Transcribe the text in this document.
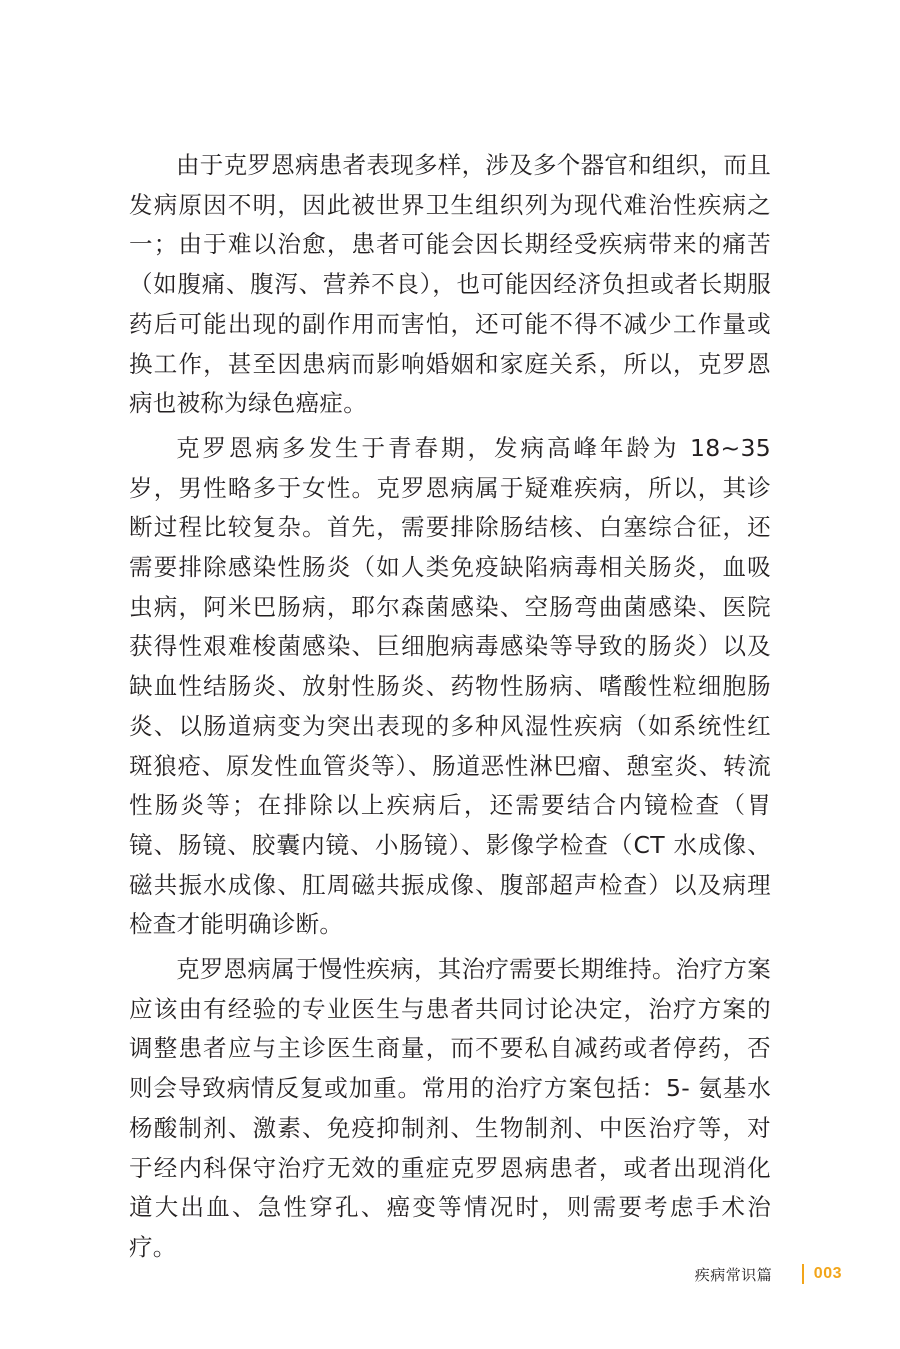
由于克罗恩病患者表现多样，涉及多个器官和组织，而且发病原因不明，因此被世界卫生组织列为现代难治性疾病之一；由于难以治愈，患者可能会因长期经受疾病带来的痛苦（如腹痛、腹泻、营养不良），也可能因经济负担或者长期服药后可能出现的副作用而害怕，还可能不得不减少工作量或换工作，甚至因患病而影响婚姻和家庭关系，所以，克罗恩病也被称为绿色癌症。

克罗恩病多发生于青春期，发病高峰年龄为 18~35 岁，男性略多于女性。克罗恩病属于疑难疾病，所以，其诊断过程比较复杂。首先，需要排除肠结核、白塞综合征，还需要排除感染性肠炎（如人类免疫缺陷病毒相关肠炎，血吸虫病，阿米巴肠病，耶尔森菌感染、空肠弯曲菌感染、医院获得性艰难梭菌感染、巨细胞病毒感染等导致的肠炎）以及缺血性结肠炎、放射性肠炎、药物性肠病、嗜酸性粒细胞肠炎、以肠道病变为突出表现的多种风湿性疾病（如系统性红斑狼疮、原发性血管炎等）、肠道恶性淋巴瘤、憩室炎、转流性肠炎等；在排除以上疾病后，还需要结合内镜检查（胃镜、肠镜、胶囊内镜、小肠镜）、影像学检查（CT 水成像、磁共振水成像、肛周磁共振成像、腹部超声检查）以及病理检查才能明确诊断。

克罗恩病属于慢性疾病，其治疗需要长期维持。治疗方案应该由有经验的专业医生与患者共同讨论决定，治疗方案的调整患者应与主诊医生商量，而不要私自减药或者停药，否则会导致病情反复或加重。常用的治疗方案包括：5- 氨基水杨酸制剂、激素、免疫抑制剂、生物制剂、中医治疗等，对于经内科保守治疗无效的重症克罗恩病患者，或者出现消化道大出血、急性穿孔、癌变等情况时，则需要考虑手术治疗。

疾病常识篇	003
